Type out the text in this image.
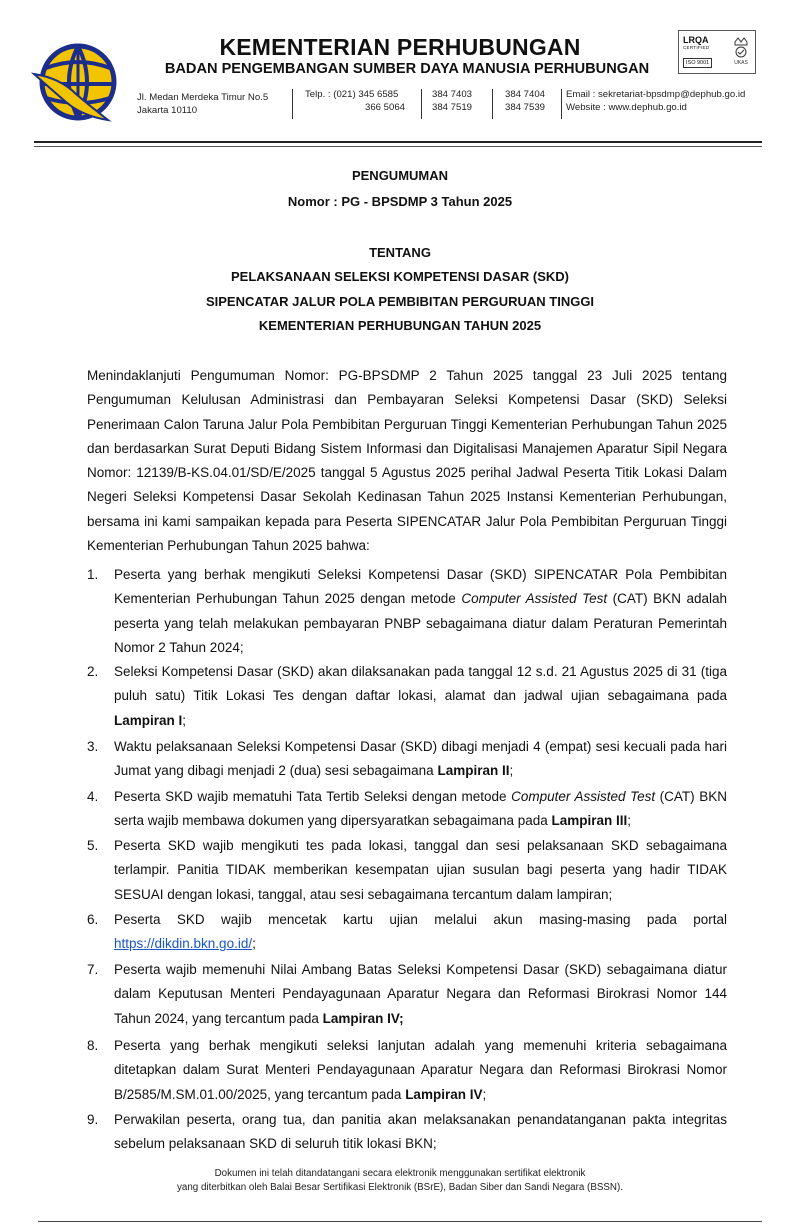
KEMENTERIAN PERHUBUNGAN
BADAN PENGEMBANGAN SUMBER DAYA MANUSIA PERHUBUNGAN
LRQA
CERTIFIED
ISO 9001	UKAS
Jl. Medan Merdeka Timur No.5
Jakarta 10110
Telp. : (021) 345 6585
366 5064
384 7403
384 7519
384 7404
384 7539
Email : sekretariat-bpsdmp@dephub.go.id
Website : www.dephub.go.id
PENGUMUMAN
Nomor : PG - BPSDMP 3 Tahun 2025
TENTANG
PELAKSANAAN SELEKSI KOMPETENSI DASAR (SKD)
SIPENCATAR JALUR POLA PEMBIBITAN PERGURUAN TINGGI
KEMENTERIAN PERHUBUNGAN TAHUN 2025
Menindaklanjuti Pengumuman Nomor: PG-BPSDMP 2 Tahun 2025 tanggal 23 Juli 2025 tentang Pengumuman Kelulusan Administrasi dan Pembayaran Seleksi Kompetensi Dasar (SKD) Seleksi Penerimaan Calon Taruna Jalur Pola Pembibitan Perguruan Tinggi Kementerian Perhubungan Tahun 2025 dan berdasarkan Surat Deputi Bidang Sistem Informasi dan Digitalisasi Manajemen Aparatur Sipil Negara Nomor: 12139/B-KS.04.01/SD/E/2025 tanggal 5 Agustus 2025 perihal Jadwal Peserta Titik Lokasi Dalam Negeri Seleksi Kompetensi Dasar Sekolah Kedinasan Tahun 2025 Instansi Kementerian Perhubungan, bersama ini kami sampaikan kepada para Peserta SIPENCATAR Jalur Pola Pembibitan Perguruan Tinggi Kementerian Perhubungan Tahun 2025 bahwa:
1.	Peserta yang berhak mengikuti Seleksi Kompetensi Dasar (SKD) SIPENCATAR Pola Pembibitan Kementerian Perhubungan Tahun 2025 dengan metode Computer Assisted Test (CAT) BKN adalah peserta yang telah melakukan pembayaran PNBP sebagaimana diatur dalam Peraturan Pemerintah Nomor 2 Tahun 2024;
2.	Seleksi Kompetensi Dasar (SKD) akan dilaksanakan pada tanggal 12 s.d. 21 Agustus 2025 di 31 (tiga puluh satu) Titik Lokasi Tes dengan daftar lokasi, alamat dan jadwal ujian sebagaimana pada Lampiran I;
3.	Waktu pelaksanaan Seleksi Kompetensi Dasar (SKD) dibagi menjadi 4 (empat) sesi kecuali pada hari Jumat yang dibagi menjadi 2 (dua) sesi sebagaimana Lampiran II;
4.	Peserta SKD wajib mematuhi Tata Tertib Seleksi dengan metode Computer Assisted Test (CAT) BKN serta wajib membawa dokumen yang dipersyaratkan sebagaimana pada Lampiran III;
5.	Peserta SKD wajib mengikuti tes pada lokasi, tanggal dan sesi pelaksanaan SKD sebagaimana terlampir. Panitia TIDAK memberikan kesempatan ujian susulan bagi peserta yang hadir TIDAK SESUAI dengan lokasi, tanggal, atau sesi sebagaimana tercantum dalam lampiran;
6.	Peserta SKD wajib mencetak kartu ujian melalui akun masing-masing pada portal https://dikdin.bkn.go.id/;
7.	Peserta wajib memenuhi Nilai Ambang Batas Seleksi Kompetensi Dasar (SKD) sebagaimana diatur dalam Keputusan Menteri Pendayagunaan Aparatur Negara dan Reformasi Birokrasi Nomor 144 Tahun 2024, yang tercantum pada Lampiran IV;
8.	Peserta yang berhak mengikuti seleksi lanjutan adalah yang memenuhi kriteria sebagaimana ditetapkan dalam Surat Menteri Pendayagunaan Aparatur Negara dan Reformasi Birokrasi Nomor B/2585/M.SM.01.00/2025, yang tercantum pada Lampiran IV;
9.	Perwakilan peserta, orang tua, dan panitia akan melaksanakan penandatanganan pakta integritas sebelum pelaksanaan SKD di seluruh titik lokasi BKN;
Dokumen ini telah ditandatangani secara elektronik menggunakan sertifikat elektronik
yang diterbitkan oleh Balai Besar Sertifikasi Elektronik (BSrE), Badan Siber dan Sandi Negara (BSSN).
